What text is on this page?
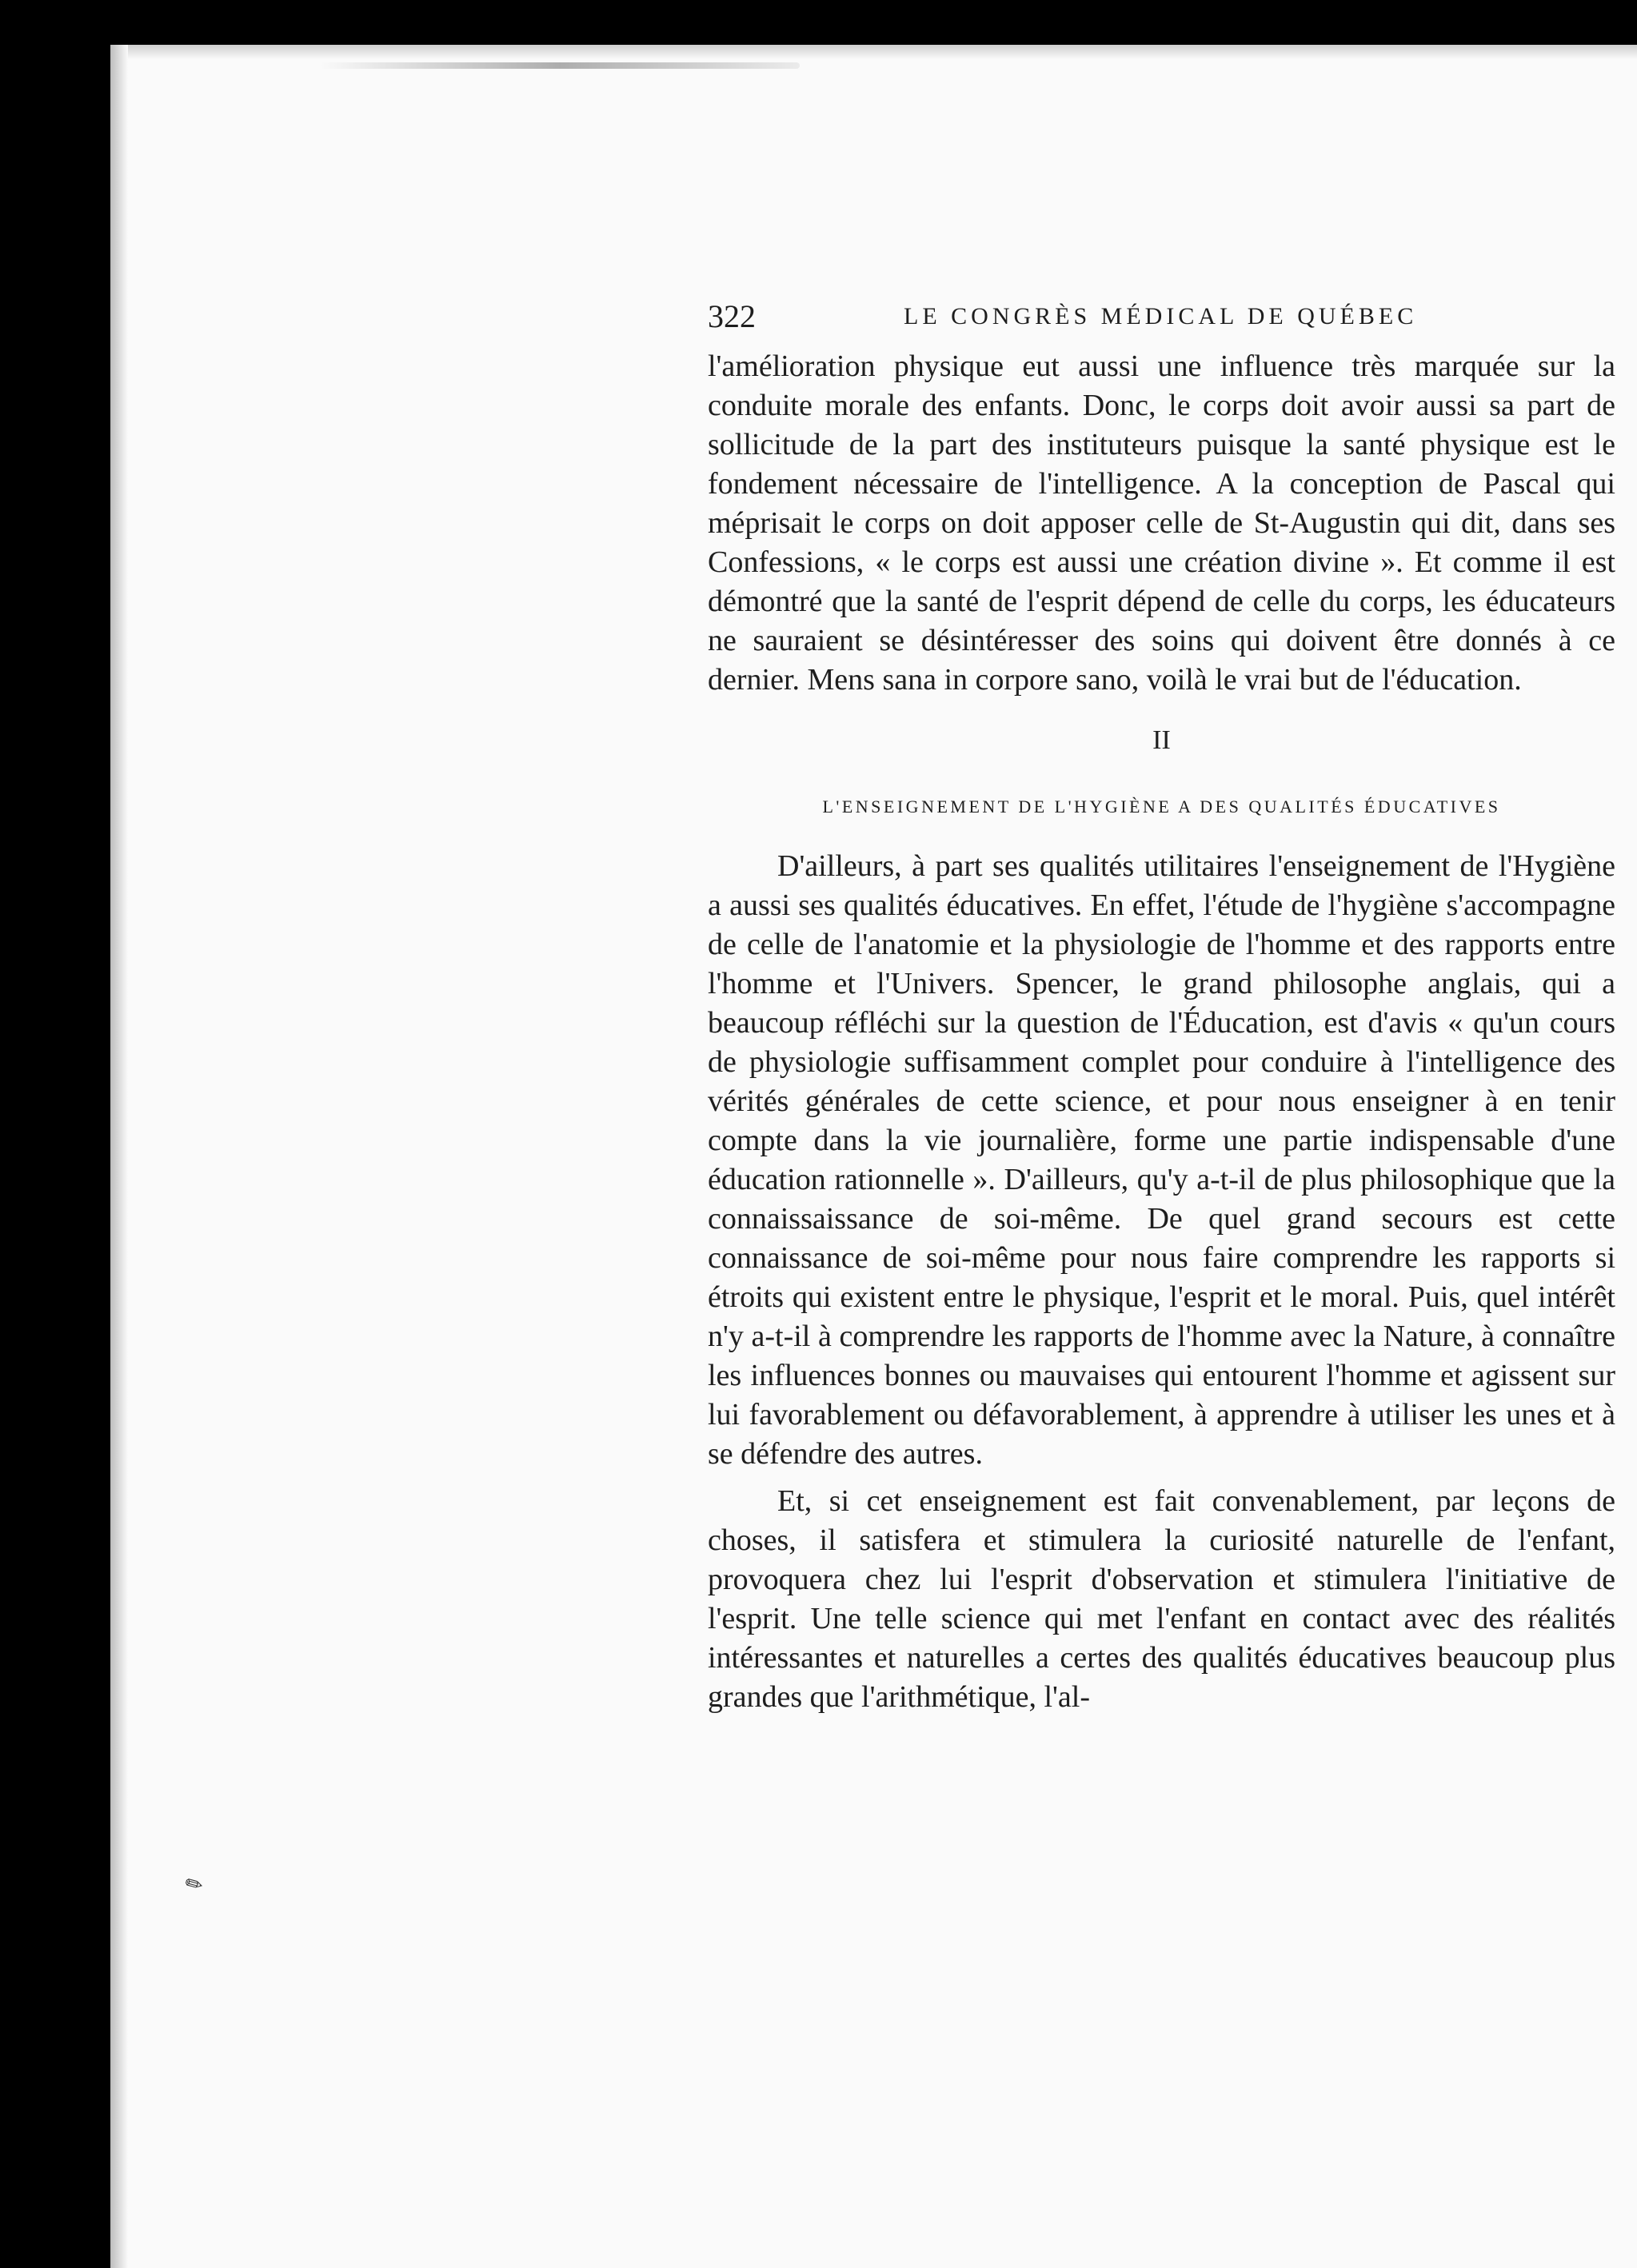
✎
322	LE CONGRÈS MÉDICAL DE QUÉBEC

l'amélioration physique eut aussi une influence très marquée sur la conduite morale des enfants. Donc, le corps doit avoir aussi sa part de sollicitude de la part des instituteurs puisque la santé physique est le fondement nécessaire de l'intelligence. A la conception de Pascal qui méprisait le corps on doit apposer celle de St-Augustin qui dit, dans ses Confessions, « le corps est aussi une création divine ». Et comme il est démontré que la santé de l'esprit dépend de celle du corps, les éducateurs ne sauraient se désintéresser des soins qui doivent être donnés à ce dernier. Mens sana in corpore sano, voilà le vrai but de l'éducation.

II
L'ENSEIGNEMENT DE L'HYGIÈNE A DES QUALITÉS ÉDUCATIVES

D'ailleurs, à part ses qualités utilitaires l'enseignement de l'Hygiène a aussi ses qualités éducatives. En effet, l'étude de l'hygiène s'accompagne de celle de l'anatomie et la physiologie de l'homme et des rapports entre l'homme et l'Univers. Spencer, le grand philosophe anglais, qui a beaucoup réfléchi sur la question de l'Éducation, est d'avis « qu'un cours de physiologie suffisamment complet pour conduire à l'intelligence des vérités générales de cette science, et pour nous enseigner à en tenir compte dans la vie journalière, forme une partie indispensable d'une éducation rationnelle ». D'ailleurs, qu'y a-t-il de plus philosophique que la connaissaissance de soi-même. De quel grand secours est cette connaissance de soi-même pour nous faire comprendre les rapports si étroits qui existent entre le physique, l'esprit et le moral. Puis, quel intérêt n'y a-t-il à comprendre les rapports de l'homme avec la Nature, à connaître les influences bonnes ou mauvaises qui entourent l'homme et agissent sur lui favorablement ou défavorablement, à apprendre à utiliser les unes et à se défendre des autres.

Et, si cet enseignement est fait convenablement, par leçons de choses, il satisfera et stimulera la curiosité naturelle de l'enfant, provoquera chez lui l'esprit d'observation et stimulera l'initiative de l'esprit. Une telle science qui met l'enfant en contact avec des réalités intéressantes et naturelles a certes des qualités éducatives beaucoup plus grandes que l'arithmétique, l'al-
